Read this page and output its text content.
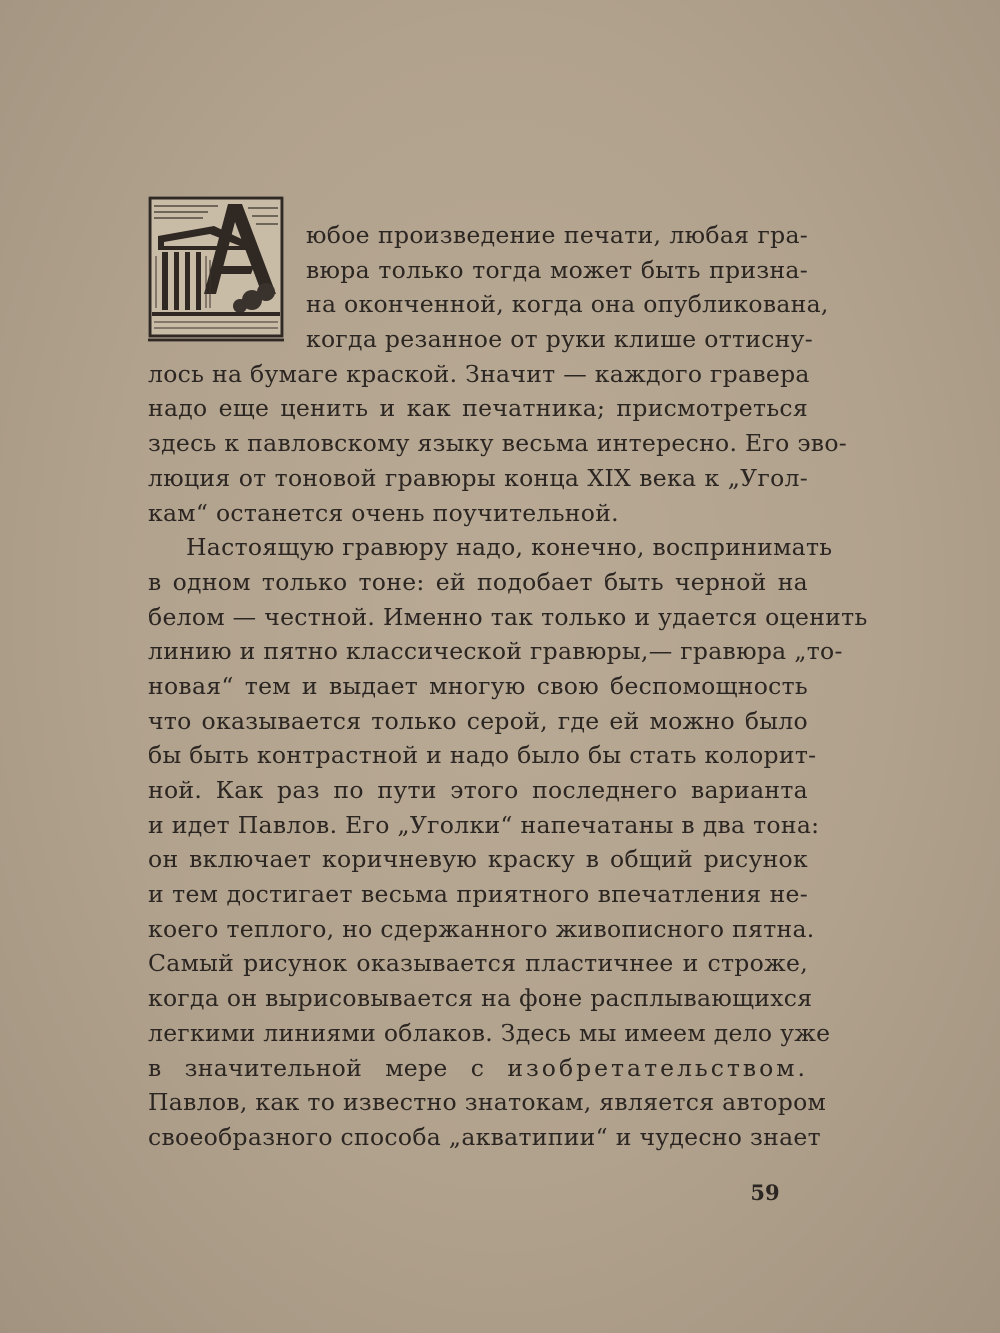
юбое произведение печати, любая гра-
вюра только тогда может быть призна-
на оконченной, когда она опубликована,
когда резанное от руки клише оттисну-
лось на бумаге краской. Значит — каждого гравера
надо еще ценить и как печатника; присмотреться
здесь к павловскому языку весьма интересно. Его эво-
люция от тоновой гравюры конца XIX века к „Угол-
кам“ останется очень поучительной.
Настоящую гравюру надо, конечно, воспринимать
в одном только тоне: ей подобает быть черной на
белом — честной. Именно так только и удается оценить
линию и пятно классической гравюры,— гравюра „то-
новая“ тем и выдает многую свою беспомощность
что оказывается только серой, где ей можно было
бы быть контрастной и надо было бы стать колорит-
ной. Как раз по пути этого последнего варианта
и идет Павлов. Его „Уголки“ напечатаны в два тона:
он включает коричневую краску в общий рисунок
и тем достигает весьма приятного впечатления не-
коего теплого, но сдержанного живописного пятна.
Самый рисунок оказывается пластичнее и строже,
когда он вырисовывается на фоне расплывающихся
легкими линиями облаков. Здесь мы имеем дело уже
в значительной мере с изобретательством.
Павлов, как то известно знатокам, является автором
своеобразного способа „акватипии“ и чудесно знает
59
